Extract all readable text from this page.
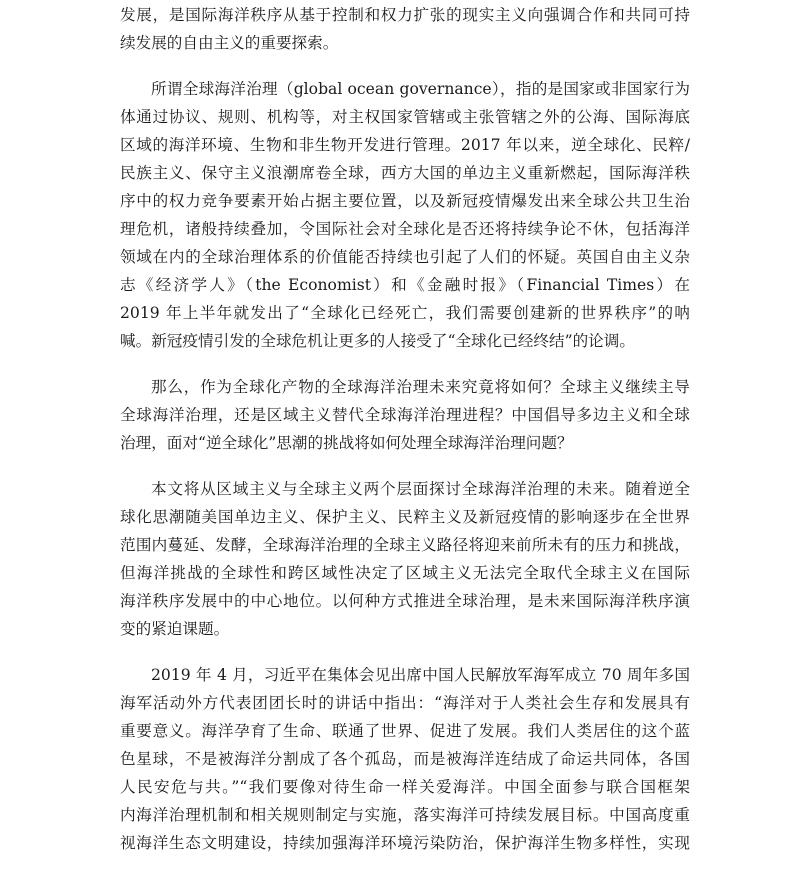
发展，是国际海洋秩序从基于控制和权力扩张的现实主义向强调合作和共同可持
续发展的自由主义的重要探索。
所谓全球海洋治理（global ocean governance），指的是国家或非国家行为
体通过协议、规则、机构等，对主权国家管辖或主张管辖之外的公海、国际海底
区域的海洋环境、生物和非生物开发进行管理。2017 年以来，逆全球化、民粹/
民族主义、保守主义浪潮席卷全球，西方大国的单边主义重新燃起，国际海洋秩
序中的权力竞争要素开始占据主要位置，以及新冠疫情爆发出来全球公共卫生治
理危机，诸般持续叠加，令国际社会对全球化是否还将持续争论不休，包括海洋
领域在内的全球治理体系的价值能否持续也引起了人们的怀疑。英国自由主义杂
志《经济学人》（the Economist）和《金融时报》（Financial Times）在
2019 年上半年就发出了“全球化已经死亡，我们需要创建新的世界秩序”的呐
喊。新冠疫情引发的全球危机让更多的人接受了“全球化已经终结”的论调。
那么，作为全球化产物的全球海洋治理未来究竟将如何？全球主义继续主导
全球海洋治理，还是区域主义替代全球海洋治理进程？中国倡导多边主义和全球
治理，面对“逆全球化”思潮的挑战将如何处理全球海洋治理问题？
本文将从区域主义与全球主义两个层面探讨全球海洋治理的未来。随着逆全
球化思潮随美国单边主义、保护主义、民粹主义及新冠疫情的影响逐步在全世界
范围内蔓延、发酵，全球海洋治理的全球主义路径将迎来前所未有的压力和挑战，
但海洋挑战的全球性和跨区域性决定了区域主义无法完全取代全球主义在国际
海洋秩序发展中的中心地位。以何种方式推进全球治理，是未来国际海洋秩序演
变的紧迫课题。
2019 年 4 月，习近平在集体会见出席中国人民解放军海军成立 70 周年多国
海军活动外方代表团团长时的讲话中指出：“海洋对于人类社会生存和发展具有
重要意义。海洋孕育了生命、联通了世界、促进了发展。我们人类居住的这个蓝
色星球，不是被海洋分割成了各个孤岛，而是被海洋连结成了命运共同体，各国
人民安危与共。”“我们要像对待生命一样关爱海洋。中国全面参与联合国框架
内海洋治理机制和相关规则制定与实施，落实海洋可持续发展目标。中国高度重
视海洋生态文明建设，持续加强海洋环境污染防治，保护海洋生物多样性，实现
